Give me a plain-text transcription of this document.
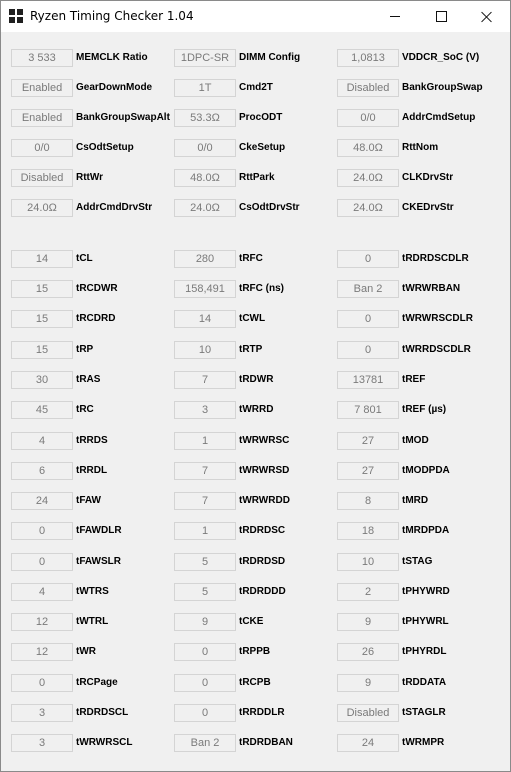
Ryzen Timing Checker 1.04
3 533	MEMCLK Ratio	1DPC-SR DIMM Config	1,0813	VDDCR_SoC (V)
Enabled	GearDownMode	1T	Cmd2T	Disabled	BankGroupSwap
Enabled	BankGroupSwapAlt	53.3Ω	ProcODT	0/0	AddrCmdSetup
0/0	CsOdtSetup	0/0	CkeSetup	48.0Ω	RttNom
Disabled	RttWr	48.0Ω	RttPark	24.0Ω	CLKDrvStr
24.0Ω	AddrCmdDrvStr	24.0Ω	CsOdtDrvStr	24.0Ω	CKEDrvStr
14	tCL	280	tRFC	0	tRDRDSCDLR
15	tRCDWR	158,491	tRFC (ns)	Ban 2	tWRWRBAN
15	tRCDRD	14	tCWL	0	tWRWRSCDLR
15	tRP	10	tRTP	0	tWRRDSCDLR
30	tRAS	7	tRDWR	13781	tREF
45	tRC	3	tWRRD	7 801	tREF (µs)
4	tRRDS	1	tWRWRSC	27	tMOD
6	tRRDL	7	tWRWRSD	27	tMODPDA
24	tFAW	7	tWRWRDD	8	tMRD
0	tFAWDLR	1	tRDRDSC	18	tMRDPDA
0	tFAWSLR	5	tRDRDSD	10	tSTAG
4	tWTRS	5	tRDRDDD	2	tPHYWRD
12	tWTRL	9	tCKE	9	tPHYWRL
12	tWR	0	tRPPB	26	tPHYRDL
0	tRCPage	0	tRCPB	9	tRDDATA
3	tRDRDSCL	0	tRRDDLR	Disabled	tSTAGLR
3	tWRWRSCL	Ban 2	tRDRDBAN	24	tWRMPR
